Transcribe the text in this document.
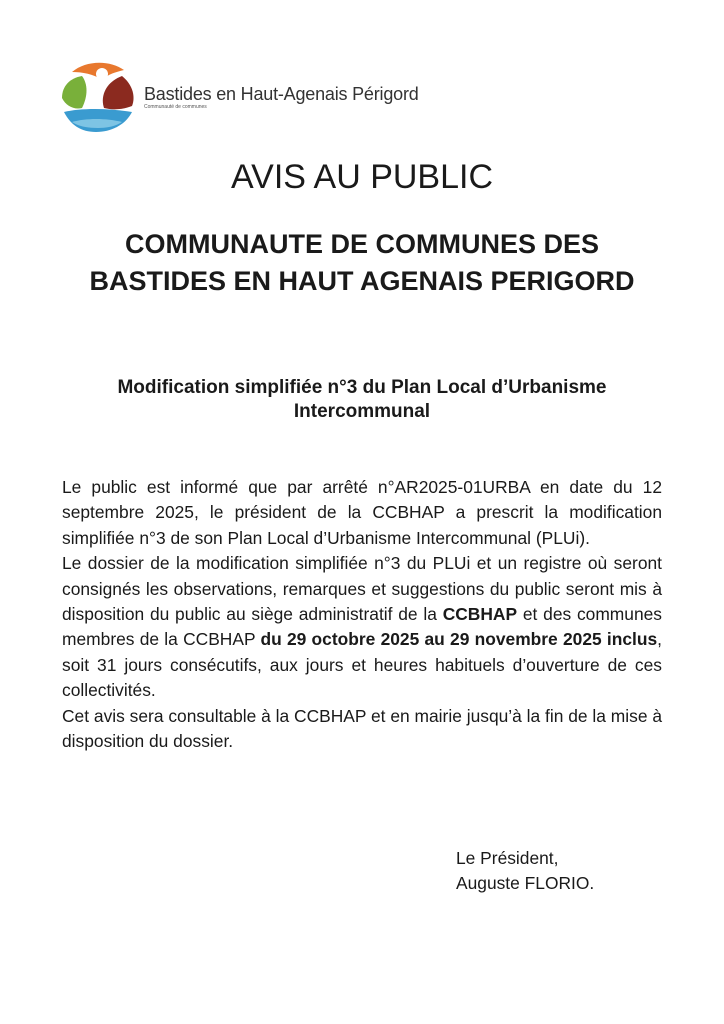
Bastides en Haut-Agenais Périgord
Communauté de communes
AVIS AU PUBLIC
COMMUNAUTE DE COMMUNES DES
BASTIDES EN HAUT AGENAIS PERIGORD
Modification simplifiée n°3 du Plan Local d’Urbanisme
Intercommunal

Le public est informé que par arrêté n°AR2025-01URBA en date du 12 septembre 2025, le président de la CCBHAP a prescrit la modification simplifiée n°3 de son Plan Local d’Urbanisme Intercommunal (PLUi).

Le dossier de la modification simplifiée n°3 du PLUi et un registre où seront consignés les observations, remarques et suggestions du public seront mis à disposition du public au siège administratif de la CCBHAP et des communes membres de la CCBHAP du 29 octobre 2025 au 29 novembre 2025 inclus, soit 31 jours consécutifs, aux jours et heures habituels d’ouverture de ces collectivités.

Cet avis sera consultable à la CCBHAP et en mairie jusqu’à la fin de la mise à disposition du dossier.

Le Président,
Auguste FLORIO.
